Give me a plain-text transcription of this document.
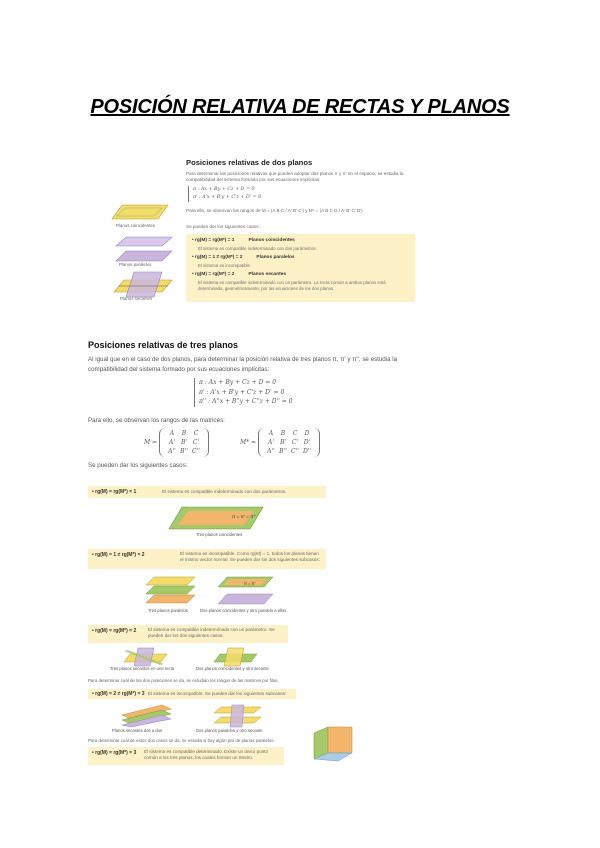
POSICIÓN RELATIVA DE RECTAS Y PLANOS
Posiciones relativas de dos planos
Para determinar las posiciones relativas que pueden adoptar dos planos π y π' en el espacio, se estudia la compatibilidad del sistema formado por sus ecuaciones implícitas:
π : Ax + By + Cz + D = 0
π' : A'x + B'y + C'z + D' = 0
Para ello, se observan los rangos de M = (A B C / A' B' C') y M* = (A B C D / A' B' C' D')
Se pueden dar los siguientes casos:
• rg(M) = rg(M*) = 1	Planos coincidentes
El sistema es compatible indeterminado con dos parámetros.
• rg(M) = 1 ≠ rg(M*) = 2	Planos paralelos
El sistema es incompatible.
• rg(M) = rg(M*) = 2	Planos secantes
El sistema es compatible indeterminado con un parámetro. La recta común a ambos planos está determinada, geométricamente, por las ecuaciones de los dos planos.
Planos coincidentes
Planos paralelos
Planos secantes
Posiciones relativas de tres planos
Al igual que en el caso de dos planos, para determinar la posición relativa de tres planos π, π' y π'', se estudia la compatibilidad del sistema formado por sus ecuaciones implícitas:
π : Ax + By + Cz + D = 0
π' : A'x + B'y + C'z + D' = 0
π'' : A''x + B''y + C''z + D'' = 0
Para ello, se observan los rangos de las matrices:
M =
A B C
A' B' C'
A'' B'' C''
M* =
A B C D
A' B' C' D'
A'' B'' C'' D''
Se pueden dar los siguientes casos:
• rg(M) = rg(M*) = 1	El sistema es compatible indeterminado con dos parámetros.
π = π' = π''
Tres planos coincidentes
• rg(M) = 1 ≠ rg(M*) = 2	El sistema es incompatible. Como rg(M) = 1, todos los planos tienen el mismo vector normal. Se pueden dar los dos siguientes subcasos:
Tres planos paralelos
π = π'
Dos planos coincidentes y otro paralelo a ellos
• rg(M) = rg(M*) = 2	El sistema es compatible indeterminado con un parámetro. Se pueden dar los dos siguientes casos:
Tres planos secantes en una recta	Dos planos coincidentes y otro secante
Para determinar cuál de las dos posiciones se da, se estudian los rangos de las matrices por filas.
• rg(M) = 2 ≠ rg(M*) = 3 El sistema es incompatible. Se pueden dar los siguientes subcasos:
Planos secantes dos a dos	Dos planos paralelos y otro secante
Para determinar cuál de estos dos casos se da, se estudia si hay algún par de planos paralelos.
• rg(M) = rg(M*) = 3 El sistema es compatible determinado. Existe un único punto común a los tres planos, los cuales forman un triedro.
